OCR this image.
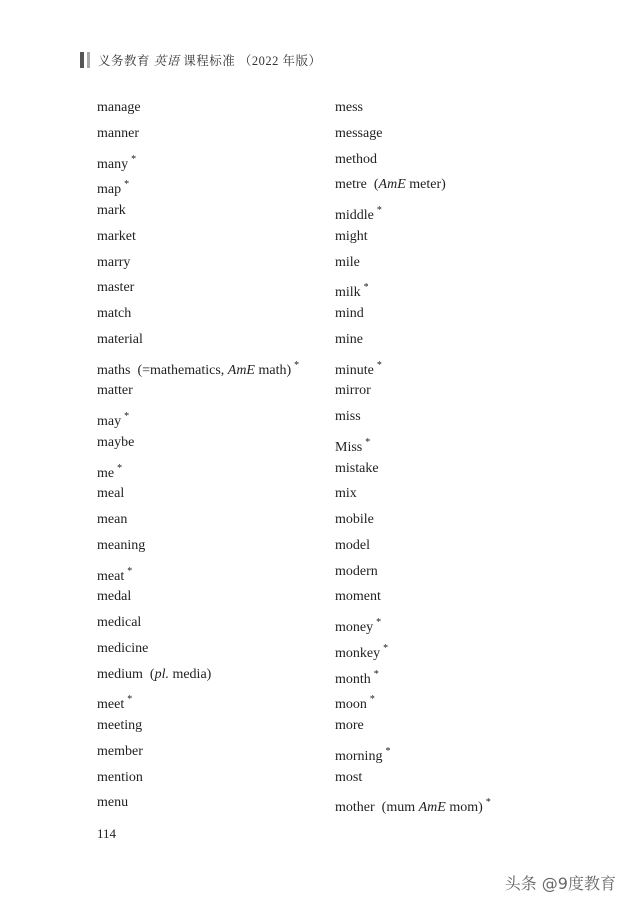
义务教育 英语 课程标准 （2022 年版）
manage
manner
many *
map *
mark
market
marry
master
match
material
maths  (=mathematics, AmE math) *
matter
may *
maybe
me *
meal
mean
meaning
meat *
medal
medical
medicine
medium  (pl. media)
meet *
meeting
member
mention
menu
mess
message
method
metre  (AmE meter)
middle *
might
mile
milk *
mind
mine
minute *
mirror
miss
Miss *
mistake
mix
mobile
model
modern
moment
money *
monkey *
month *
moon *
more
morning *
most
mother  (mum AmE mom) *
114
头条 @9度教育
